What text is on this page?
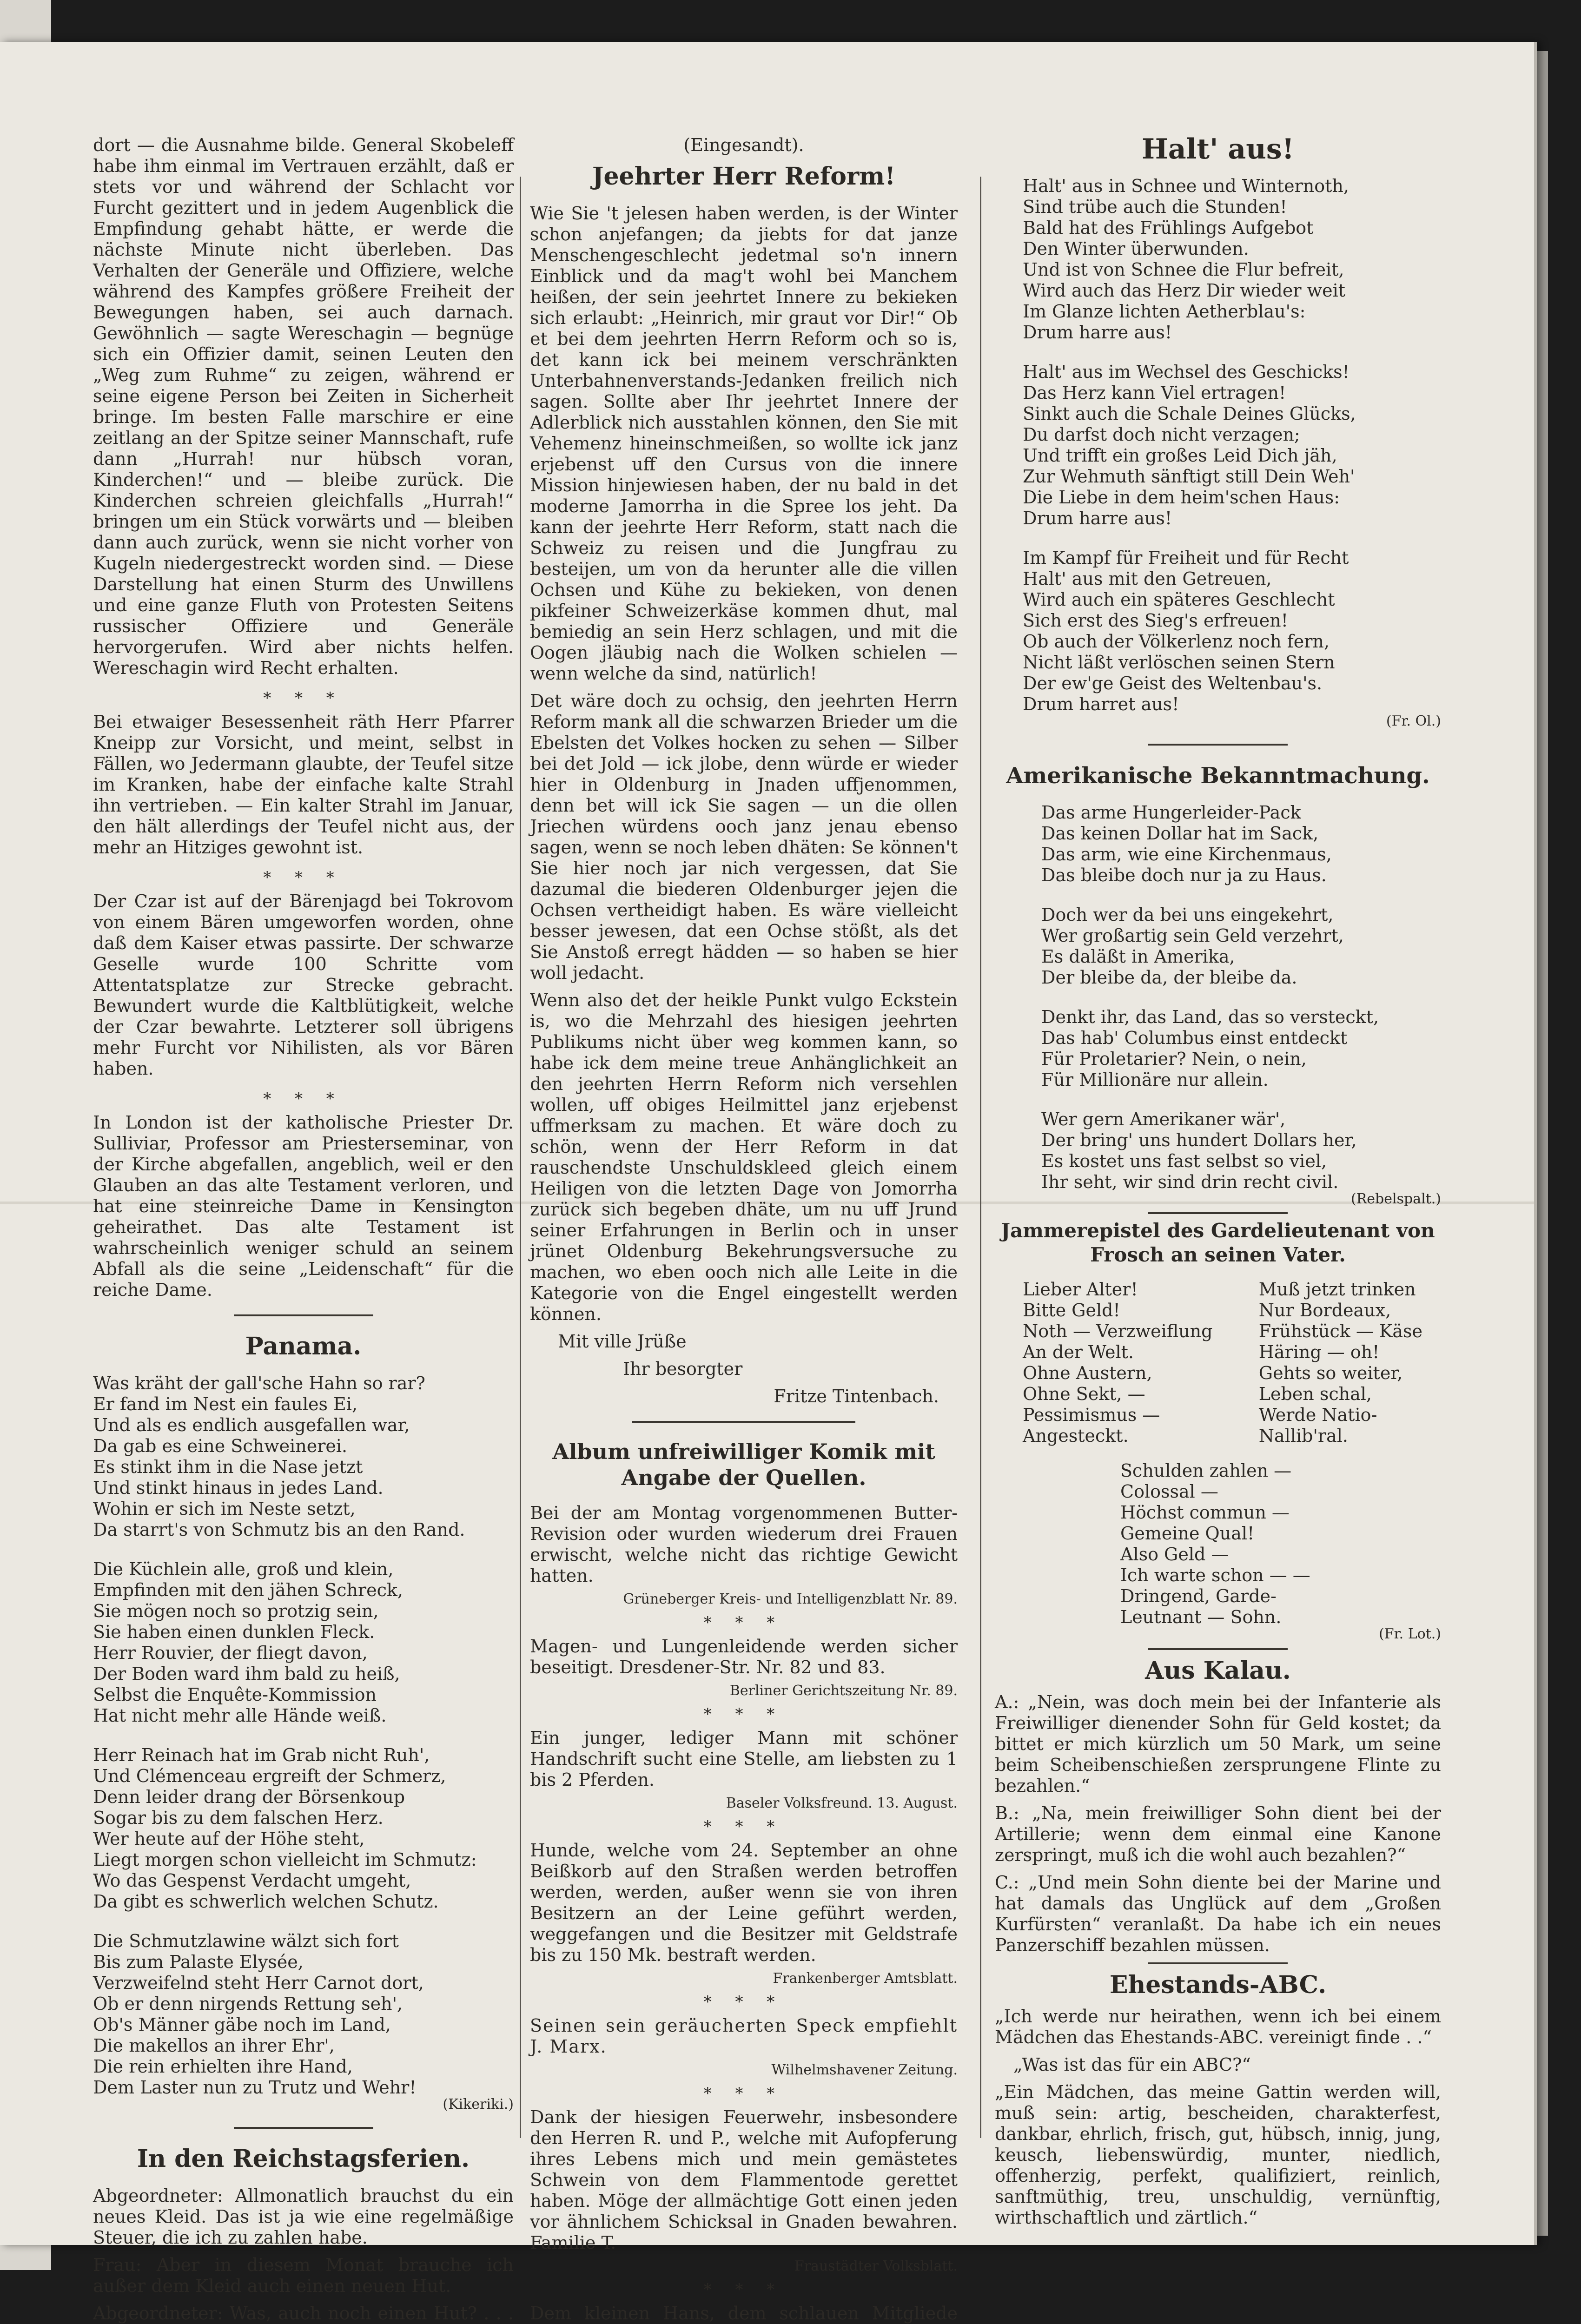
dort — die Ausnahme bilde. General Skobeleff habe ihm einmal im Vertrauen erzählt, daß er stets vor und während der Schlacht vor Furcht gezittert und in jedem Augenblick die Empfindung gehabt hätte, er werde die nächste Minute nicht überleben. Das Verhalten der Generäle und Offiziere, welche während des Kampfes größere Freiheit der Bewegungen haben, sei auch darnach. Gewöhnlich — sagte Wereschagin — begnüge sich ein Offizier damit, seinen Leuten den „Weg zum Ruhme“ zu zeigen, während er seine eigene Person bei Zeiten in Sicherheit bringe. Im besten Falle marschire er eine zeitlang an der Spitze seiner Mannschaft, rufe dann „Hurrah! nur hübsch voran, Kinderchen!“ und — bleibe zurück. Die Kinderchen schreien gleichfalls „Hurrah!“ bringen um ein Stück vorwärts und — bleiben dann auch zurück, wenn sie nicht vorher von Kugeln niedergestreckt worden sind. — Diese Darstellung hat einen Sturm des Unwillens und eine ganze Fluth von Protesten Seitens russischer Offiziere und Generäle hervorgerufen. Wird aber nichts helfen. Wereschagin wird Recht erhalten.

* * *

Bei etwaiger Besessenheit räth Herr Pfarrer Kneipp zur Vorsicht, und meint, selbst in Fällen, wo Jedermann glaubte, der Teufel sitze im Kranken, habe der einfache kalte Strahl ihn vertrieben. — Ein kalter Strahl im Januar, den hält allerdings der Teufel nicht aus, der mehr an Hitziges gewohnt ist.

* * *

Der Czar ist auf der Bärenjagd bei Tokrovom von einem Bären umgeworfen worden, ohne daß dem Kaiser etwas passirte. Der schwarze Geselle wurde 100 Schritte vom Attentatsplatze zur Strecke gebracht. Bewundert wurde die Kaltblütigkeit, welche der Czar bewahrte. Letzterer soll übrigens mehr Furcht vor Nihilisten, als vor Bären haben.

* * *

In London ist der katholische Priester Dr. Sulliviar, Professor am Priesterseminar, von der Kirche abgefallen, angeblich, weil er den Glauben an das alte Testament verloren, und hat eine steinreiche Dame in Kensington geheirathet. Das alte Testament ist wahrscheinlich weniger schuld an seinem Abfall als die seine „Leidenschaft“ für die reiche Dame.

Panama.
Was kräht der gall'sche Hahn so rar?
Er fand im Nest ein faules Ei,
Und als es endlich ausgefallen war,
Da gab es eine Schweinerei.
Es stinkt ihm in die Nase jetzt
Und stinkt hinaus in jedes Land.
Wohin er sich im Neste setzt,
Da starrt's von Schmutz bis an den Rand.
Die Küchlein alle, groß und klein,
Empfinden mit den jähen Schreck,
Sie mögen noch so protzig sein,
Sie haben einen dunklen Fleck.
Herr Rouvier, der fliegt davon,
Der Boden ward ihm bald zu heiß,
Selbst die Enquête-Kommission
Hat nicht mehr alle Hände weiß.
Herr Reinach hat im Grab nicht Ruh',
Und Clémenceau ergreift der Schmerz,
Denn leider drang der Börsenkoup
Sogar bis zu dem falschen Herz.
Wer heute auf der Höhe steht,
Liegt morgen schon vielleicht im Schmutz:
Wo das Gespenst Verdacht umgeht,
Da gibt es schwerlich welchen Schutz.
Die Schmutzlawine wälzt sich fort
Bis zum Palaste Elysée,
Verzweifelnd steht Herr Carnot dort,
Ob er denn nirgends Rettung seh',
Ob's Männer gäbe noch im Land,
Die makellos an ihrer Ehr',
Die rein erhielten ihre Hand,
Dem Laster nun zu Trutz und Wehr!
(Kikeriki.)
In den Reichstagsferien.
Abgeordneter: Allmonatlich brauchst du ein neues Kleid. Das ist ja wie eine regelmäßige Steuer, die ich zu zahlen habe.
Frau: Aber in diesem Monat brauche ich außer dem Kleid auch einen neuen Hut.
Abgeordneter: Was, auch noch einen Hut? . . .
(Eingesandt).
Jeehrter Herr Reform!
Wie Sie 't jelesen haben werden, is der Winter schon anjefangen; da jiebts for dat janze Menschengeschlecht jedetmal so'n innern Einblick und da mag't wohl bei Manchem heißen, der sein jeehrtet Innere zu bekieken sich erlaubt: „Heinrich, mir graut vor Dir!“ Ob et bei dem jeehrten Herrn Reform och so is, det kann ick bei meinem verschränkten Unterbahnenverstands-Jedanken freilich nich sagen. Sollte aber Ihr jeehrtet Innere der Adlerblick nich ausstahlen können, den Sie mit Vehemenz hineinschmeißen, so wollte ick janz erjebenst uff den Cursus von die innere Mission hinjewiesen haben, der nu bald in det moderne Jamorrha in die Spree los jeht. Da kann der jeehrte Herr Reform, statt nach die Schweiz zu reisen und die Jungfrau zu besteijen, um von da herunter alle die villen Ochsen und Kühe zu bekieken, von denen pikfeiner Schweizerkäse kommen dhut, mal bemiedig an sein Herz schlagen, und mit die Oogen jläubig nach die Wolken schielen — wenn welche da sind, natürlich!
Det wäre doch zu ochsig, den jeehrten Herrn Reform mank all die schwarzen Brieder um die Ebelsten det Volkes hocken zu sehen — Silber bei det Jold — ick jlobe, denn würde er wieder hier in Oldenburg in Jnaden uffjenommen, denn bet will ick Sie sagen — un die ollen Jriechen würdens ooch janz jenau ebenso sagen, wenn se noch leben dhäten: Se können't Sie hier noch jar nich vergessen, dat Sie dazumal die biederen Oldenburger jejen die Ochsen vertheidigt haben. Es wäre vielleicht besser jewesen, dat een Ochse stößt, als det Sie Anstoß erregt hädden — so haben se hier woll jedacht.
Wenn also det der heikle Punkt vulgo Eckstein is, wo die Mehrzahl des hiesigen jeehrten Publikums nicht über weg kommen kann, so habe ick dem meine treue Anhänglichkeit an den jeehrten Herrn Reform nich versehlen wollen, uff obiges Heilmittel janz erjebenst uffmerksam zu machen. Et wäre doch zu schön, wenn der Herr Reform in dat rauschendste Unschuldskleed gleich einem Heiligen von die letzten Dage von Jomorrha zurück sich begeben dhäte, um nu uff Jrund seiner Erfahrungen in Berlin och in unser jrünet Oldenburg Bekehrungsversuche zu machen, wo eben ooch nich alle Leite in die Kategorie von die Engel eingestellt werden können.
Mit ville Jrüße
Ihr besorgter
Fritze Tintenbach.
Album unfreiwilliger Komik mit Angabe der Quellen.
Bei der am Montag vorgenommenen Butter-Revision oder wurden wiederum drei Frauen erwischt, welche nicht das richtige Gewicht hatten.
Grüneberger Kreis- und Intelligenzblatt Nr. 89.
* * *
Magen- und Lungenleidende werden sicher beseitigt. Dresdener-Str. Nr. 82 und 83.
Berliner Gerichtszeitung Nr. 89.
* * *
Ein junger, lediger Mann mit schöner Handschrift sucht eine Stelle, am liebsten zu 1 bis 2 Pferden.
Baseler Volksfreund. 13. August.
* * *
Hunde, welche vom 24. September an ohne Beißkorb auf den Straßen werden betroffen werden, werden, außer wenn sie von ihren Besitzern an der Leine geführt werden, weggefangen und die Besitzer mit Geldstrafe bis zu 150 Mk. bestraft werden.
Frankenberger Amtsblatt.
* * *
Seinen sein geräucherten Speck empfiehlt J. Marx.
Wilhelmshavener Zeitung.
* * *
Dank der hiesigen Feuerwehr, insbesondere den Herren R. und P., welche mit Aufopferung ihres Lebens mich und mein gemästetes Schwein von dem Flammentode gerettet haben. Möge der allmächtige Gott einen jeden vor ähnlichem Schicksal in Gnaden bewahren. Familie T.
Fraustädter Volksblatt.
* * *
Dem kleinen Hans, dem schlauen Mitgliede
Halt' aus!
Halt' aus in Schnee und Winternoth,
Sind trübe auch die Stunden!
Bald hat des Frühlings Aufgebot
Den Winter überwunden.
Und ist von Schnee die Flur befreit,
Wird auch das Herz Dir wieder weit
Im Glanze lichten Aetherblau's:
Drum harre aus!
Halt' aus im Wechsel des Geschicks!
Das Herz kann Viel ertragen!
Sinkt auch die Schale Deines Glücks,
Du darfst doch nicht verzagen;
Und trifft ein großes Leid Dich jäh,
Zur Wehmuth sänftigt still Dein Weh'
Die Liebe in dem heim'schen Haus:
Drum harre aus!
Im Kampf für Freiheit und für Recht
Halt' aus mit den Getreuen,
Wird auch ein späteres Geschlecht
Sich erst des Sieg's erfreuen!
Ob auch der Völkerlenz noch fern,
Nicht läßt verlöschen seinen Stern
Der ew'ge Geist des Weltenbau's.
Drum harret aus!
(Fr. Ol.)
Amerikanische Bekanntmachung.
Das arme Hungerleider-Pack
Das keinen Dollar hat im Sack,
Das arm, wie eine Kirchenmaus,
Das bleibe doch nur ja zu Haus.
Doch wer da bei uns eingekehrt,
Wer großartig sein Geld verzehrt,
Es daläßt in Amerika,
Der bleibe da, der bleibe da.
Denkt ihr, das Land, das so versteckt,
Das hab' Columbus einst entdeckt
Für Proletarier? Nein, o nein,
Für Millionäre nur allein.
Wer gern Amerikaner wär',
Der bring' uns hundert Dollars her,
Es kostet uns fast selbst so viel,
Ihr seht, wir sind drin recht civil.
(Rebelspalt.)
Jammerepistel des Gardelieutenant von Frosch an seinen Vater.
Lieber Alter!
Bitte Geld!
Noth — Verzweiflung
An der Welt.
Ohne Austern,
Ohne Sekt, —
Pessimismus —
Angesteckt.
Muß jetzt trinken
Nur Bordeaux,
Frühstück — Käse
Häring — oh!
Gehts so weiter,
Leben schal,
Werde Natio-
Nallib'ral.
Schulden zahlen —
Colossal —
Höchst commun —
Gemeine Qual!
Also Geld —
Ich warte schon — —
Dringend, Garde-
Leutnant — Sohn.
(Fr. Lot.)
Aus Kalau.
A.: „Nein, was doch mein bei der Infanterie als Freiwilliger dienender Sohn für Geld kostet; da bittet er mich kürzlich um 50 Mark, um seine beim Scheibenschießen zersprungene Flinte zu bezahlen.“
B.: „Na, mein freiwilliger Sohn dient bei der Artillerie; wenn dem einmal eine Kanone zerspringt, muß ich die wohl auch bezahlen?“
C.: „Und mein Sohn diente bei der Marine und hat damals das Unglück auf dem „Großen Kurfürsten“ veranlaßt. Da habe ich ein neues Panzerschiff bezahlen müssen.
Ehestands-ABC.
„Ich werde nur heirathen, wenn ich bei einem Mädchen das Ehestands-ABC. vereinigt finde . .“
„Was ist das für ein ABC?“
„Ein Mädchen, das meine Gattin werden will, muß sein: artig, bescheiden, charakterfest, dankbar, ehrlich, frisch, gut, hübsch, innig, jung, keusch, liebenswürdig, munter, niedlich, offenherzig, perfekt, qualifiziert, reinlich, sanftmüthig, treu, unschuldig, vernünftig, wirthschaftlich und zärtlich.“
